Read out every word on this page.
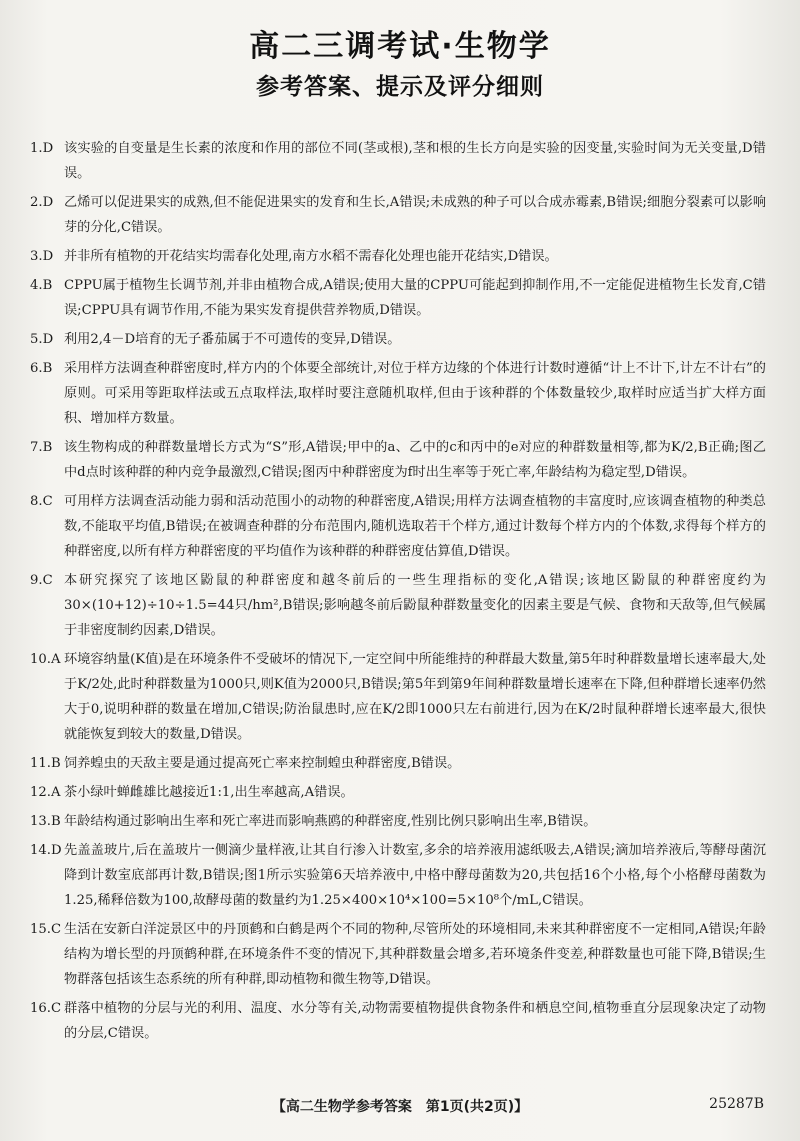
高二三调考试·生物学
参考答案、提示及评分细则
1.D 该实验的自变量是生长素的浓度和作用的部位不同(茎或根),茎和根的生长方向是实验的因变量,实验时间为无关变量,D错误。
2.D 乙烯可以促进果实的成熟,但不能促进果实的发育和生长,A错误;未成熟的种子可以合成赤霉素,B错误;细胞分裂素可以影响芽的分化,C错误。
3.D 并非所有植物的开花结实均需春化处理,南方水稻不需春化处理也能开花结实,D错误。
4.B CPPU属于植物生长调节剂,并非由植物合成,A错误;使用大量的CPPU可能起到抑制作用,不一定能促进植物生长发育,C错误;CPPU具有调节作用,不能为果实发育提供营养物质,D错误。
5.D 利用2,4－D培育的无子番茄属于不可遗传的变异,D错误。
6.B 采用样方法调查种群密度时,样方内的个体要全部统计,对位于样方边缘的个体进行计数时遵循“计上不计下,计左不计右”的原则。可采用等距取样法或五点取样法,取样时要注意随机取样,但由于该种群的个体数量较少,取样时应适当扩大样方面积、增加样方数量。
7.B 该生物构成的种群数量增长方式为“S”形,A错误;甲中的a、乙中的c和丙中的e对应的种群数量相等,都为K/2,B正确;图乙中d点时该种群的种内竞争最激烈,C错误;图丙中种群密度为f时出生率等于死亡率,年龄结构为稳定型,D错误。
8.C 可用样方法调查活动能力弱和活动范围小的动物的种群密度,A错误;用样方法调查植物的丰富度时,应该调查植物的种类总数,不能取平均值,B错误;在被调查种群的分布范围内,随机选取若干个样方,通过计数每个样方内的个体数,求得每个样方的种群密度,以所有样方种群密度的平均值作为该种群的种群密度估算值,D错误。
9.C 本研究探究了该地区鼢鼠的种群密度和越冬前后的一些生理指标的变化,A错误;该地区鼢鼠的种群密度约为30×(10+12)÷10÷1.5=44只/hm²,B错误;影响越冬前后鼢鼠种群数量变化的因素主要是气候、食物和天敌等,但气候属于非密度制约因素,D错误。
10.A 环境容纳量(K值)是在环境条件不受破坏的情况下,一定空间中所能维持的种群最大数量,第5年时种群数量增长速率最大,处于K/2处,此时种群数量为1000只,则K值为2000只,B错误;第5年到第9年间种群数量增长速率在下降,但种群增长速率仍然大于0,说明种群的数量在增加,C错误;防治鼠患时,应在K/2即1000只左右前进行,因为在K/2时鼠种群增长速率最大,很快就能恢复到较大的数量,D错误。
11.B 饲养蝗虫的天敌主要是通过提高死亡率来控制蝗虫种群密度,B错误。
12.A 茶小绿叶蝉雌雄比越接近1:1,出生率越高,A错误。
13.B 年龄结构通过影响出生率和死亡率进而影响燕鸥的种群密度,性别比例只影响出生率,B错误。
14.D 先盖盖玻片,后在盖玻片一侧滴少量样液,让其自行渗入计数室,多余的培养液用滤纸吸去,A错误;滴加培养液后,等酵母菌沉降到计数室底部再计数,B错误;图1所示实验第6天培养液中,中格中酵母菌数为20,共包括16个小格,每个小格酵母菌数为1.25,稀释倍数为100,故酵母菌的数量约为1.25×400×10⁴×100=5×10⁸个/mL,C错误。
15.C 生活在安新白洋淀景区中的丹顶鹤和白鹤是两个不同的物种,尽管所处的环境相同,未来其种群密度不一定相同,A错误;年龄结构为增长型的丹顶鹤种群,在环境条件不变的情况下,其种群数量会增多,若环境条件变差,种群数量也可能下降,B错误;生物群落包括该生态系统的所有种群,即动植物和微生物等,D错误。
16.C 群落中植物的分层与光的利用、温度、水分等有关,动物需要植物提供食物条件和栖息空间,植物垂直分层现象决定了动物的分层,C错误。
【高二生物学参考答案　第1页(共2页)】	25287B
